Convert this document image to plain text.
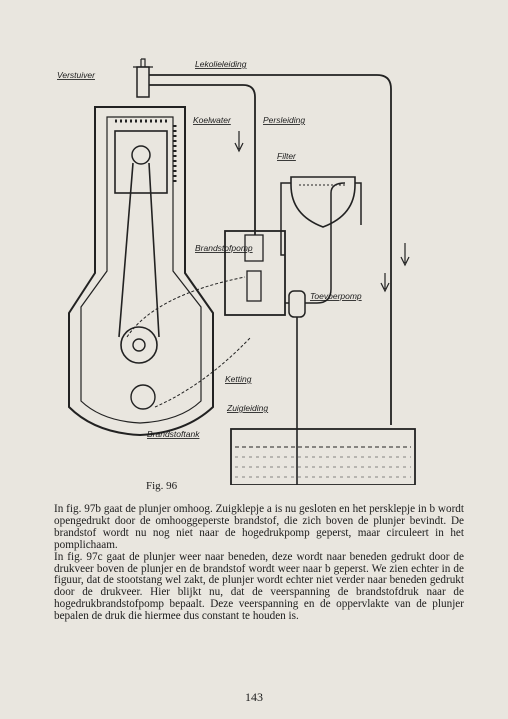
Verstuiver
Lekolieleiding
Koelwater	Persleiding
Filter
Brandstofpomp
Toevoerpomp
Ketting
Zuigleiding
Brandstoftank
Fig. 96

In fig. 97b gaat de plunjer omhoog. Zuigklepje a is nu gesloten en het persklepje in b wordt opengedrukt door de omhooggeperste brandstof, die zich boven de plunjer bevindt. De brandstof wordt nu nog niet naar de hogedrukpomp geperst, maar circuleert in het pomplichaam.

In fig. 97c gaat de plunjer weer naar beneden, deze wordt naar beneden gedrukt door de drukveer boven de plunjer en de brandstof wordt weer naar b geperst. We zien echter in de figuur, dat de stootstang wel zakt, de plunjer wordt echter niet verder naar beneden gedrukt door de drukveer. Hier blijkt nu, dat de veerspanning de brandstofdruk naar de hogedrukbrandstofpomp bepaalt. Deze veerspanning en de oppervlakte van de plunjer bepalen de druk die hiermee dus constant te houden is.

143
